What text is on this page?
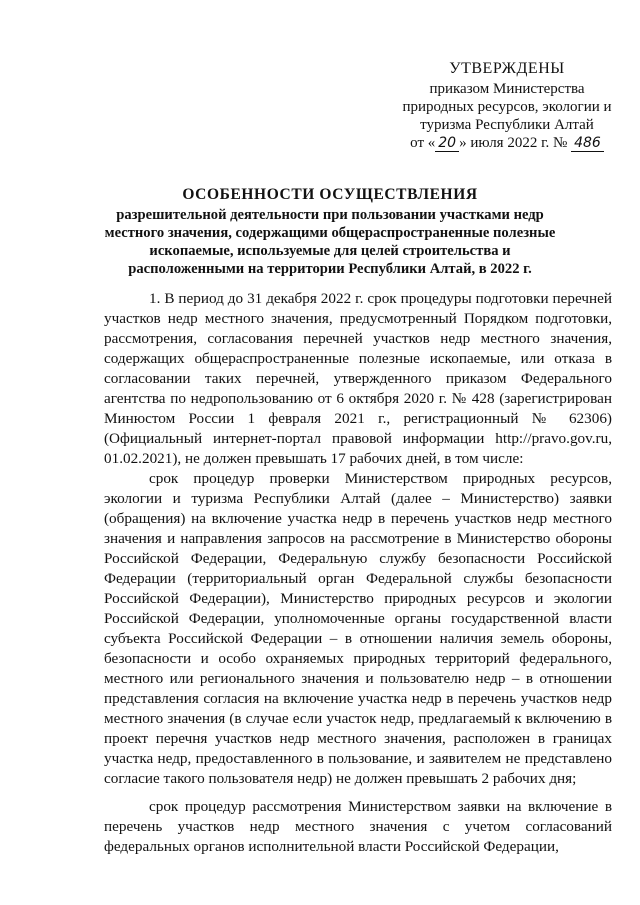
УТВЕРЖДЕНЫ
приказом Министерства
природных ресурсов, экологии и
туризма Республики Алтай
от « 20 » июля 2022 г. № 486
ОСОБЕННОСТИ ОСУЩЕСТВЛЕНИЯ
разрешительной деятельности при пользовании участками недр местного значения, содержащими общераспространенные полезные ископаемые, используемые для целей строительства и расположенными на территории Республики Алтай, в 2022 г.

1. В период до 31 декабря 2022 г. срок процедуры подготовки перечней участков недр местного значения, предусмотренный Порядком подготовки, рассмотрения, согласования перечней участков недр местного значения, содержащих общераспространенные полезные ископаемые, или отказа в согласовании таких перечней, утвержденного приказом Федерального агентства по недропользованию от 6 октября 2020 г. № 428 (зарегистрирован Минюстом России 1 февраля 2021 г., регистрационный № 62306) (Официальный интернет-портал правовой информации http://pravo.gov.ru, 01.02.2021), не должен превышать 17 рабочих дней, в том числе:

срок процедур проверки Министерством природных ресурсов, экологии и туризма Республики Алтай (далее – Министерство) заявки (обращения) на включение участка недр в перечень участков недр местного значения и направления запросов на рассмотрение в Министерство обороны Российской Федерации, Федеральную службу безопасности Российской Федерации (территориальный орган Федеральной службы безопасности Российской Федерации), Министерство природных ресурсов и экологии Российской Федерации, уполномоченные органы государственной власти субъекта Российской Федерации – в отношении наличия земель обороны, безопасности и особо охраняемых природных территорий федерального, местного или регионального значения и пользователю недр – в отношении представления согласия на включение участка недр в перечень участков недр местного значения (в случае если участок недр, предлагаемый к включению в проект перечня участков недр местного значения, расположен в границах участка недр, предоставленного в пользование, и заявителем не представлено согласие такого пользователя недр) не должен превышать 2 рабочих дня;

срок процедур рассмотрения Министерством заявки на включение в перечень участков недр местного значения с учетом согласований федеральных органов исполнительной власти Российской Федерации,
